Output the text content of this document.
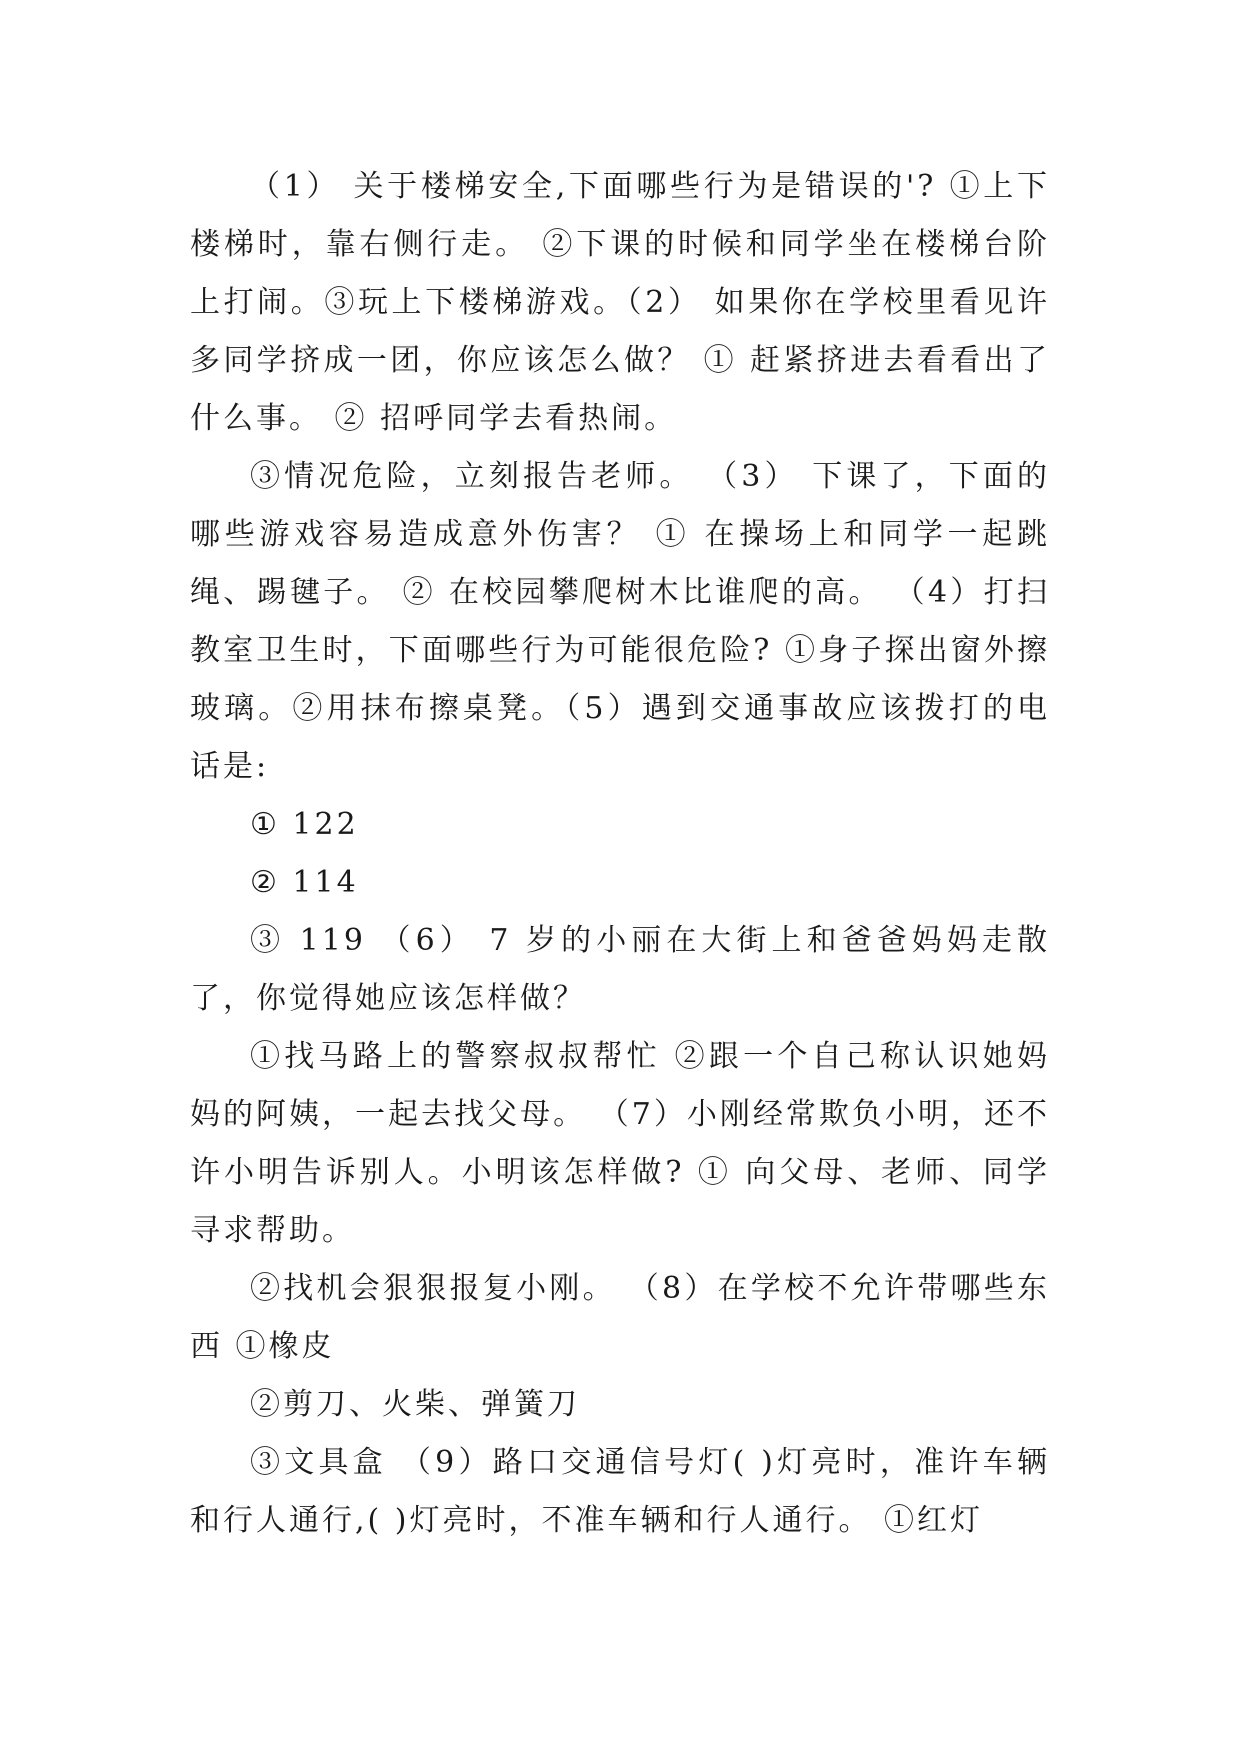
（1） 关于楼梯安全,下面哪些行为是错误的'? ①上下楼梯时，靠右侧行走。 ②下课的时候和同学坐在楼梯台阶上打闹。③玩上下楼梯游戏。（2） 如果你在学校里看见许多同学挤成一团，你应该怎么做？ ① 赶紧挤进去看看出了什么事。 ② 招呼同学去看热闹。

③情况危险，立刻报告老师。 （3） 下课了，下面的哪些游戏容易造成意外伤害？ ① 在操场上和同学一起跳绳、踢毽子。 ② 在校园攀爬树木比谁爬的高。 （4）打扫教室卫生时，下面哪些行为可能很危险? ①身子探出窗外擦玻璃。②用抹布擦桌凳。（5）遇到交通事故应该拨打的电话是:

① 122

② 114

③ 119 （6） 7 岁的小丽在大街上和爸爸妈妈走散了，你觉得她应该怎样做？

①找马路上的警察叔叔帮忙 ②跟一个自己称认识她妈妈的阿姨，一起去找父母。 （7）小刚经常欺负小明，还不许小明告诉别人。小明该怎样做? ① 向父母、老师、同学寻求帮助。

②找机会狠狠报复小刚。 （8）在学校不允许带哪些东西 ①橡皮

②剪刀、火柴、弹簧刀

③文具盒 （9）路口交通信号灯( )灯亮时，准许车辆和行人通行,( )灯亮时，不准车辆和行人通行。 ①红灯
